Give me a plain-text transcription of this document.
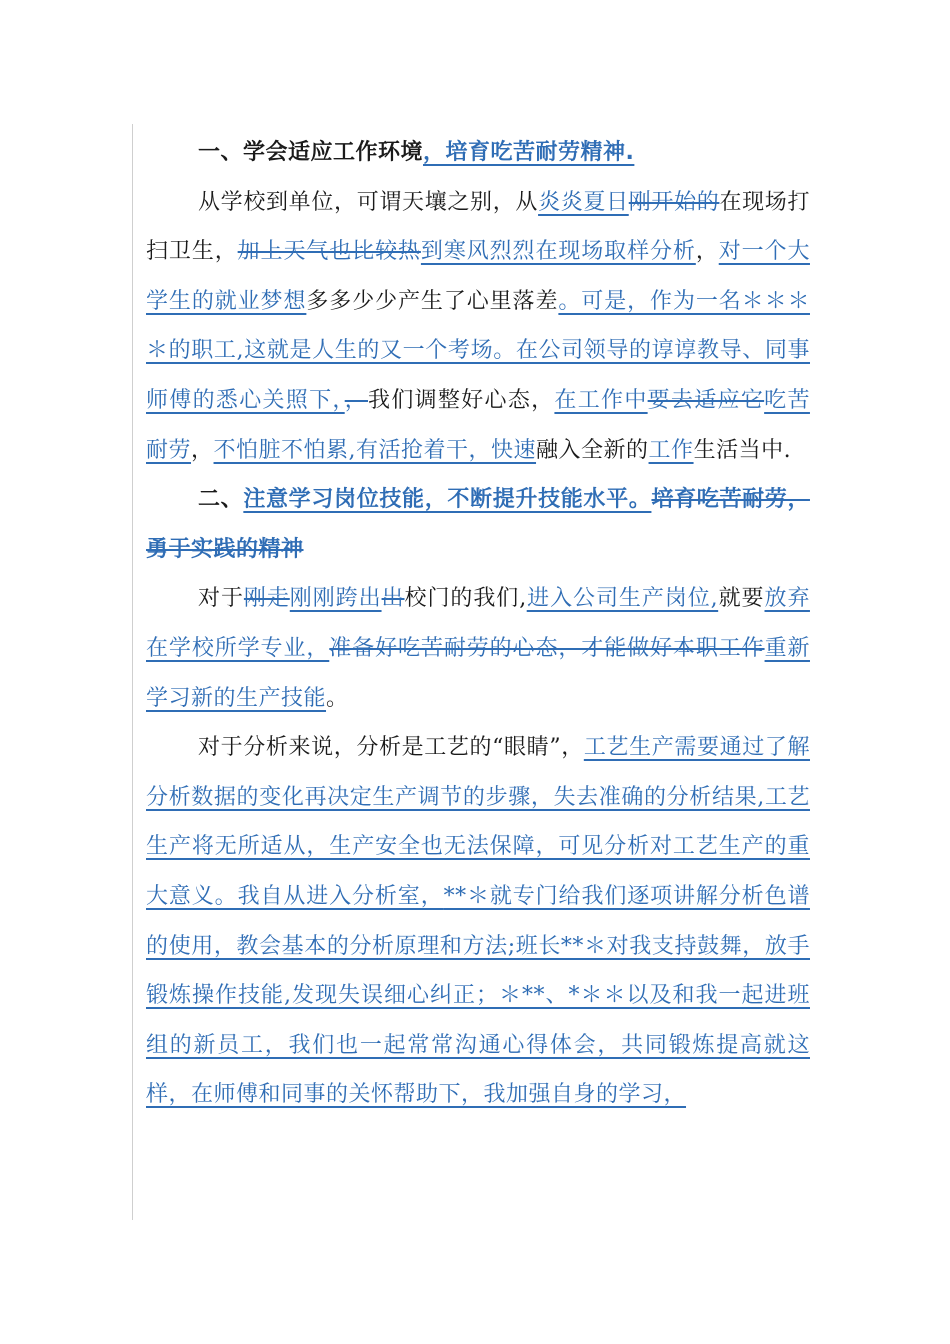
一、学会适应工作环境，培育吃苦耐劳精神.

从学校到单位，可谓天壤之别，从炎炎夏日刚开始的在现场打扫卫生，加上天气也比较热到寒风烈烈在现场取样分析，对一个大学生的就业梦想多多少少产生了心里落差。可是，作为一名＊＊＊＊的职工,这就是人生的又一个考场。在公司领导的谆谆教导、同事师傅的悉心关照下，，我们调整好心态，在工作中要去适应它吃苦耐劳，不怕脏不怕累,有活抢着干，快速融入全新的工作生活当中.

二、注意学习岗位技能，不断提升技能水平。培育吃苦耐劳，勇于实践的精神

对于刚走刚刚跨出出校门的我们,进入公司生产岗位,就要放弃在学校所学专业，准备好吃苦耐劳的心态，才能做好本职工作重新学习新的生产技能。

对于分析来说，分析是工艺的“眼睛”，工艺生产需要通过了解分析数据的变化再决定生产调节的步骤，失去准确的分析结果,工艺生产将无所适从，生产安全也无法保障，可见分析对工艺生产的重大意义。我自从进入分析室，**＊就专门给我们逐项讲解分析色谱的使用，教会基本的分析原理和方法;班长**＊对我支持鼓舞，放手锻炼操作技能,发现失误细心纠正；＊**、*＊＊以及和我一起进班组的新员工，我们也一起常常沟通心得体会，共同锻炼提高就这样，在师傅和同事的关怀帮助下，我加强自身的学习，
